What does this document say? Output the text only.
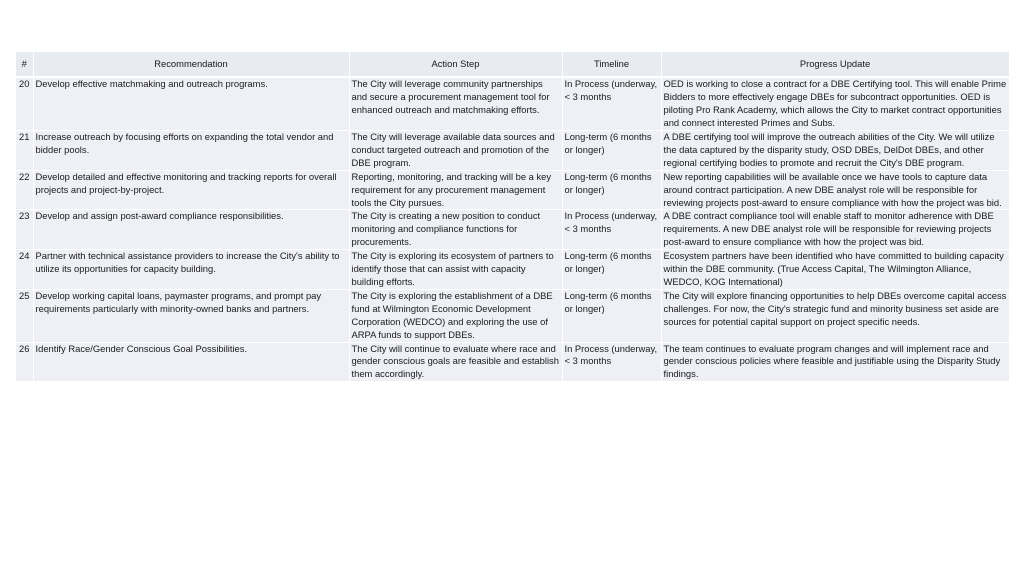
#	Recommendation	Action Step	Timeline	Progress Update
20	Develop effective matchmaking and outreach programs.	The City will leverage community partnerships and secure a procurement management tool for enhanced outreach and matchmaking efforts.	In Process (underway, < 3 months	OED is working to close a contract for a DBE Certifying tool. This will enable Prime Bidders to more effectively engage DBEs for subcontract opportunities. OED is piloting Pro Rank Academy, which allows the City to market contract opportunities and connect interested Primes and Subs.
21	Increase outreach by focusing efforts on expanding the total vendor and bidder pools.	The City will leverage available data sources and conduct targeted outreach and promotion of the DBE program.	Long-term (6 months or longer)	A DBE certifying tool will improve the outreach abilities of the City. We will utilize the data captured by the disparity study, OSD DBEs, DelDot DBEs, and other regional certifying bodies to promote and recruit the City's DBE program.
22	Develop detailed and effective monitoring and tracking reports for overall projects and project-by-project.	Reporting, monitoring, and tracking will be a key requirement for any procurement management tools the City pursues.	Long-term (6 months or longer)	New reporting capabilities will be available once we have tools to capture data around contract participation. A new DBE analyst role will be responsible for reviewing projects post-award to ensure compliance with how the project was bid.
23	Develop and assign post-award compliance responsibilities.	The City is creating a new position to conduct monitoring and compliance functions for procurements.	In Process (underway, < 3 months	A DBE contract compliance tool will enable staff to monitor adherence with DBE requirements. A new DBE analyst role will be responsible for reviewing projects post-award to ensure compliance with how the project was bid.
24	Partner with technical assistance providers to increase the City's ability to utilize its opportunities for capacity building.	The City is exploring its ecosystem of partners to identify those that can assist with capacity building efforts.	Long-term (6 months or longer)	Ecosystem partners have been identified who have committed to building capacity within the DBE community. (True Access Capital, The Wilmington Alliance, WEDCO, KOG International)
25	Develop working capital loans, paymaster programs, and prompt pay requirements particularly with minority-owned banks and partners.	The City is exploring the establishment of a DBE fund at Wilmington Economic Development Corporation (WEDCO) and exploring the use of ARPA funds to support DBEs.	Long-term (6 months or longer)	The City will explore financing opportunities to help DBEs overcome capital access challenges. For now, the City's strategic fund and minority business set aside are sources for potential capital support on project specific needs.
26	Identify Race/Gender Conscious Goal Possibilities.	The City will continue to evaluate where race and gender conscious goals are feasible and establish them accordingly.	In Process (underway, < 3 months	The team continues to evaluate program changes and will implement race and gender conscious policies where feasible and justifiable using the Disparity Study findings.
